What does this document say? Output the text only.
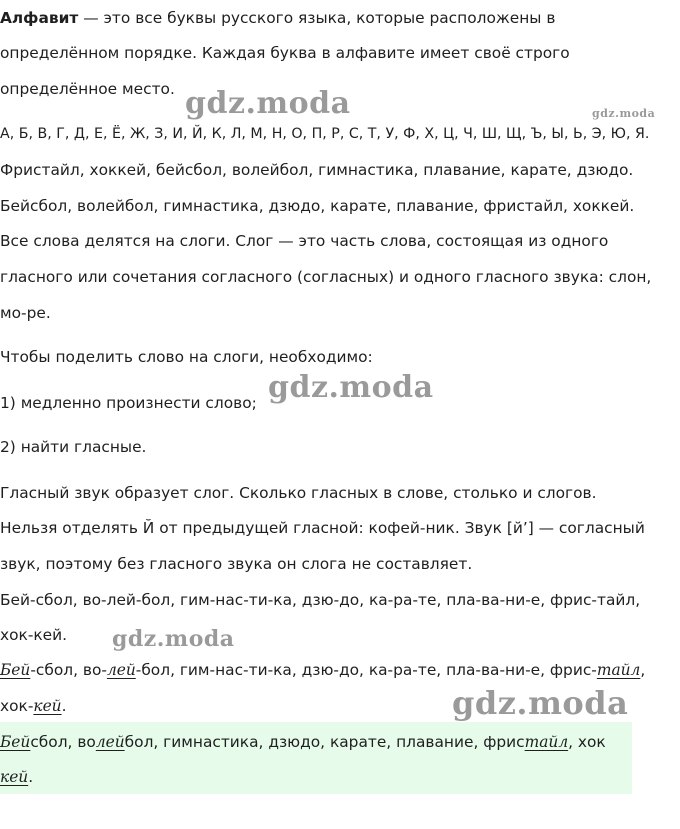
Алфавит — это все буквы русского языка, которые расположены в
определённом порядке. Каждая буква в алфавите имеет своё строго
определённое место.
А, Б, В, Г, Д, Е, Ё, Ж, З, И, Й, К, Л, М, Н, О, П, Р, С, Т, У, Ф, Х, Ц, Ч, Ш, Щ, Ъ, Ы, Ь, Э, Ю, Я.
Фристайл, хоккей, бейсбол, волейбол, гимнастика, плавание, карате, дзюдо.
Бейсбол, волейбол, гимнастика, дзюдо, карате, плавание, фристайл, хоккей.
Все слова делятся на слоги. Слог — это часть слова, состоящая из одного
гласного или сочетания согласного (согласных) и одного гласного звука: слон,
мо-ре.
Чтобы поделить слово на слоги, необходимо:
1) медленно произнести слово;
2) найти гласные.
Гласный звук образует слог. Сколько гласных в слове, столько и слогов.
Нельзя отделять Й от предыдущей гласной: кофей-ник. Звук [й’] — согласный
звук, поэтому без гласного звука он слога не составляет.
Бей-сбол, во-лей-бол, гим-нас-ти-ка, дзю-до, ка-ра-те, пла-ва-ни-е, фрис-тайл,
хок-кей.
Бей-сбол, во-лей-бол, гим-нас-ти-ка, дзю-до, ка-ра-те, пла-ва-ни-е, фрис-тайл,
хок-кей.
Бейсбол, волейбол, гимнастика, дзюдо, карате, плавание, фристайл, хок
кей.
gdz.moda	gdz.moda
gdz.moda
gdz.moda
gdz.moda
